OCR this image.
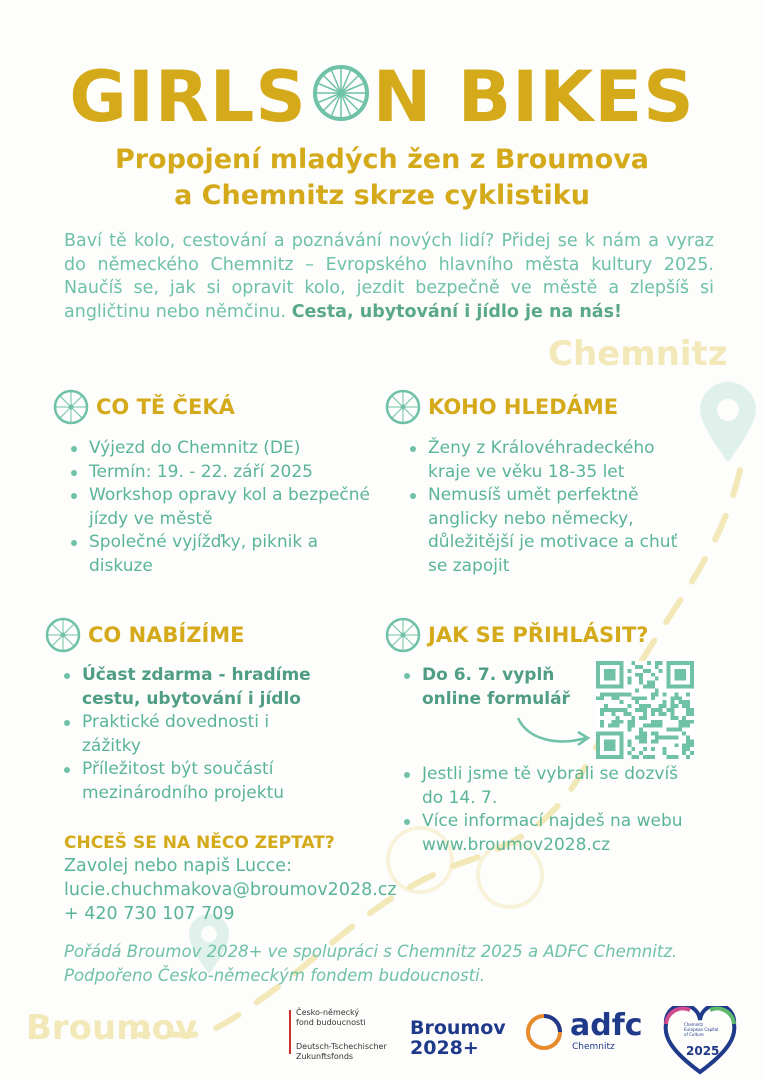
Chemnitz
Broumov
GIRLS N BIKES
Propojení mladých žen z Broumova
a Chemnitz skrze cyklistiku
Baví tě kolo, cestování a poznávání nových lidí? Přidej se k nám a vyraz do německého Chemnitz – Evropského hlavního města kultury 2025. Naučíš se, jak si opravit kolo, jezdit bezpečně ve městě a zlepšíš si angličtinu nebo němčinu. Cesta, ubytování i jídlo je na nás!
CO TĚ ČEKÁ
Výjezd do Chemnitz (DE)
Termín: 19. - 22. září 2025
Workshop opravy kol a bezpečné jízdy ve městě
Společné vyjížďky, piknik a diskuze
KOHO HLEDÁME
Ženy z Královéhradeckého kraje ve věku 18-35 let
Nemusíš umět perfektně anglicky nebo německy, důležitější je motivace a chuť se zapojit
CO NABÍZÍME
Účast zdarma - hradíme cestu, ubytování i jídlo
Praktické dovednosti i zážitky
Příležitost být součástí mezinárodního projektu
JAK SE PŘIHLÁSIT?
Do 6. 7. vyplň online formulář
Jestli jsme tě vybrali se dozvíš do 14. 7.
Více informací najdeš na webu www.broumov2028.cz
CHCEŠ SE NA NĚCO ZEPTAT?
Zavolej nebo napiš Lucce:
lucie.chuchmakova@broumov2028.cz
+ 420 730 107 709
Pořádá Broumov 2028+ ve spolupráci s Chemnitz 2025 a ADFC Chemnitz. Podpořeno Česko-německým fondem budoucnosti.
Česko-německý fond budoucnosti
Deutsch-Tschechischer Zukunftsfonds
Broumov
2028+
adfc
Chemnitz
Chemnitz European Capital of Culture
2025
